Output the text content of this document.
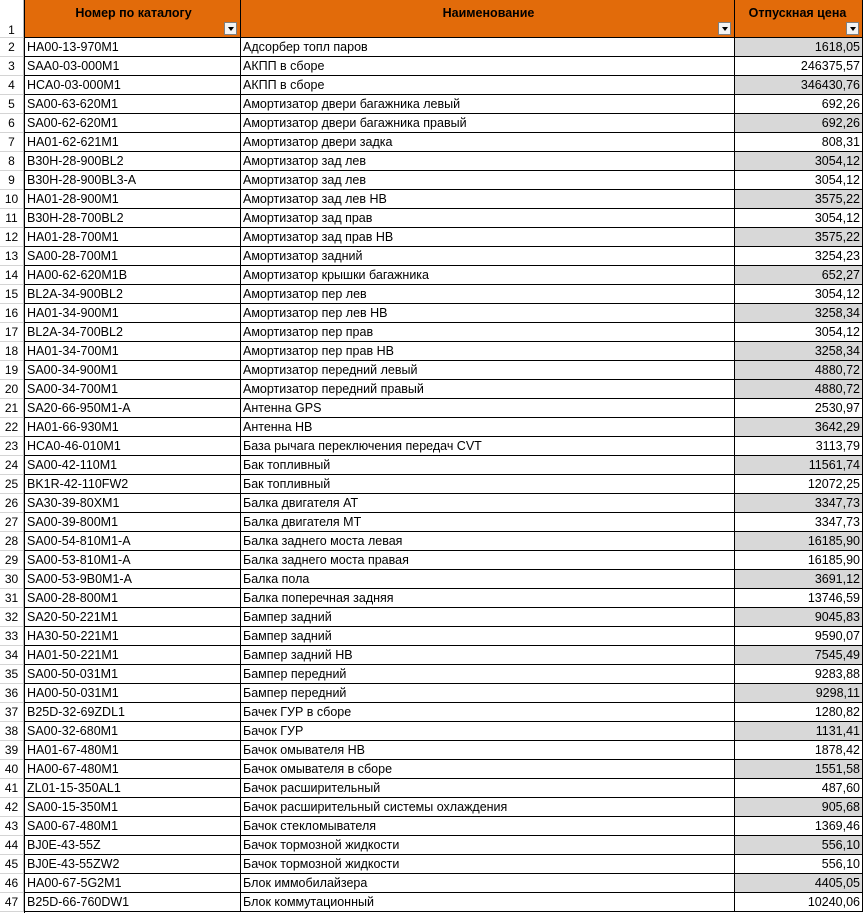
1
Номер по каталогу	Наименование	Отпускная цена
2 HA00-13-970M1	Адсорбер топл паров	1618,05
3 SAA0-03-000M1	АКПП в сборе	246375,57
4 HCA0-03-000M1	АКПП в сборе	346430,76
5 SA00-63-620M1	Амортизатор двери багажника левый	692,26
6 SA00-62-620M1	Амортизатор двери багажника правый	692,26
7 HA01-62-621M1	Амортизатор двери задка	808,31
8 B30H-28-900BL2	Амортизатор зад лев	3054,12
9 B30H-28-900BL3-A	Амортизатор зад лев	3054,12
10 HA01-28-900M1	Амортизатор зад лев НВ	3575,22
11 B30H-28-700BL2	Амортизатор зад прав	3054,12
12 HA01-28-700M1	Амортизатор зад прав НВ	3575,22
13 SA00-28-700M1	Амортизатор задний	3254,23
14 HA00-62-620M1B	Амортизатор крышки багажника	652,27
15 BL2A-34-900BL2	Амортизатор пер лев	3054,12
16 HA01-34-900M1	Амортизатор пер лев НВ	3258,34
17 BL2A-34-700BL2	Амортизатор пер прав	3054,12
18 HA01-34-700M1	Амортизатор пер прав НВ	3258,34
19 SA00-34-900M1	Амортизатор передний левый	4880,72
20 SA00-34-700M1	Амортизатор передний правый	4880,72
21 SA20-66-950M1-A	Антенна GPS	2530,97
22 HA01-66-930M1	Антенна НВ	3642,29
23 HCA0-46-010M1	База рычага переключения передач CVT	3113,79
24 SA00-42-110M1	Бак топливный	11561,74
25 BK1R-42-110FW2	Бак топливный	12072,25
26 SA30-39-80XM1	Балка двигателя AT	3347,73
27 SA00-39-800M1	Балка двигателя MT	3347,73
28 SA00-54-810M1-A	Балка заднего моста левая	16185,90
29 SA00-53-810M1-A	Балка заднего моста правая	16185,90
30 SA00-53-9B0M1-A	Балка пола	3691,12
31 SA00-28-800M1	Балка поперечная задняя	13746,59
32 SA20-50-221M1	Бампер задний	9045,83
33 HA30-50-221M1	Бампер задний	9590,07
34 HA01-50-221M1	Бампер задний НВ	7545,49
35 SA00-50-031M1	Бампер передний	9283,88
36 HA00-50-031M1	Бампер передний	9298,11
37 B25D-32-69ZDL1	Бачек ГУР в сборе	1280,82
38 SA00-32-680M1	Бачок ГУР	1131,41
39 HA01-67-480M1	Бачок омывателя НВ	1878,42
40 HA00-67-480M1	Бачок омывателя в сборе	1551,58
41 ZL01-15-350AL1	Бачок расширительный	487,60
42 SA00-15-350M1	Бачок расширительный системы охлаждения	905,68
43 SA00-67-480M1	Бачок стекломывателя	1369,46
44 BJ0E-43-55Z	Бачок тормозной жидкости	556,10
45 BJ0E-43-55ZW2	Бачок тормозной жидкости	556,10
46 HA00-67-5G2M1	Блок иммобилайзера	4405,05
47 B25D-66-760DW1	Блок коммутационный	10240,06
